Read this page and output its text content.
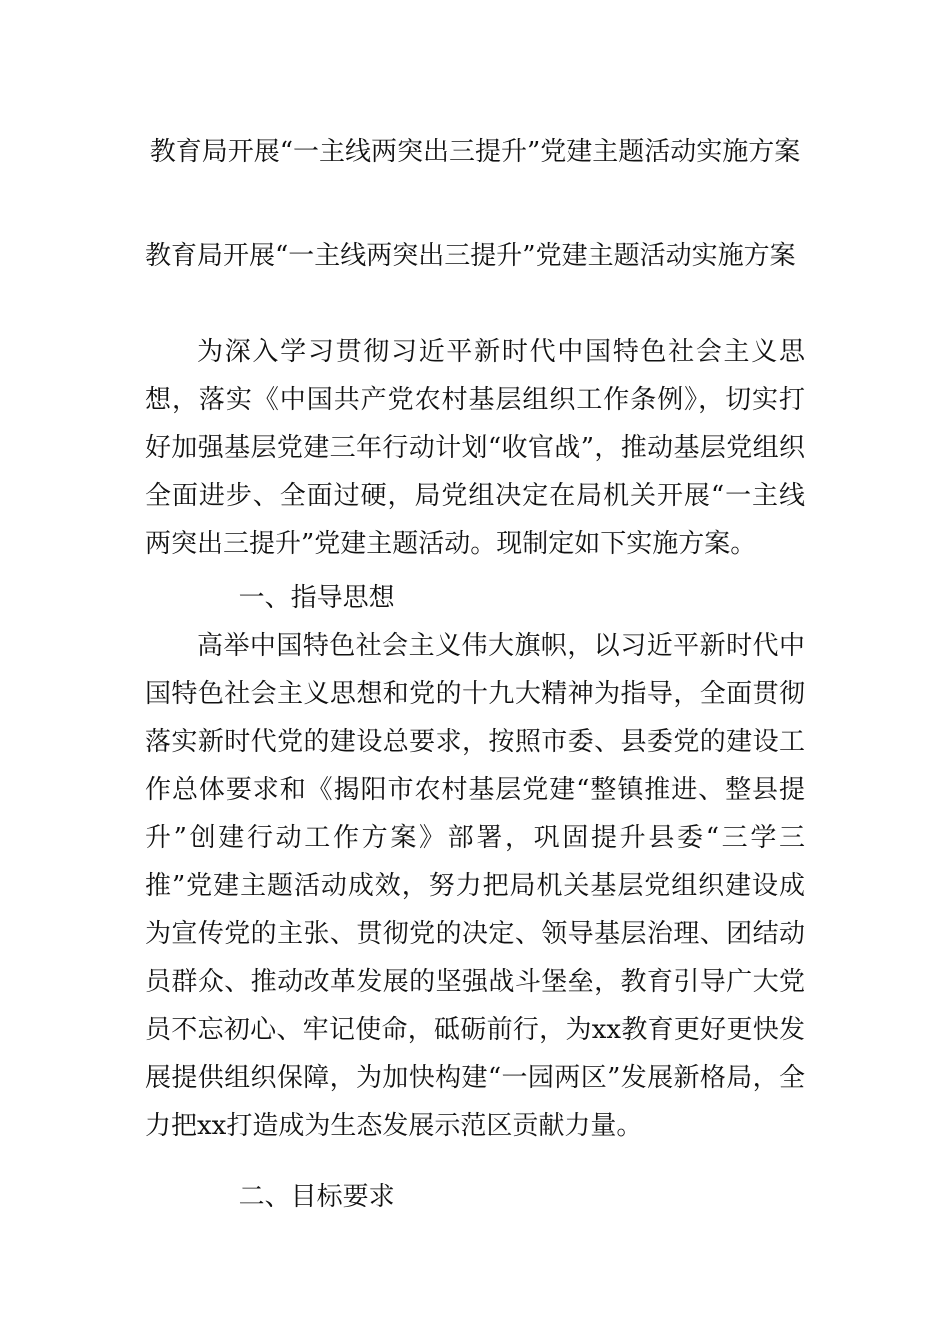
教育局开展“一主线两突出三提升”党建主题活动实施方案
教育局开展“一主线两突出三提升”党建主题活动实施方案

为深入学习贯彻习近平新时代中国特色社会主义思想，落实《中国共产党农村基层组织工作条例》，切实打好加强基层党建三年行动计划“收官战”，推动基层党组织全面进步、全面过硬，局党组决定在局机关开展“一主线两突出三提升”党建主题活动。现制定如下实施方案。

一、指导思想

高举中国特色社会主义伟大旗帜，以习近平新时代中国特色社会主义思想和党的十九大精神为指导，全面贯彻落实新时代党的建设总要求，按照市委、县委党的建设工作总体要求和《揭阳市农村基层党建“整镇推进、整县提升”创建行动工作方案》部署，巩固提升县委“三学三推”党建主题活动成效，努力把局机关基层党组织建设成为宣传党的主张、贯彻党的决定、领导基层治理、团结动员群众、推动改革发展的坚强战斗堡垒，教育引导广大党员不忘初心、牢记使命，砥砺前行，为xx教育更好更快发展提供组织保障，为加快构建“一园两区”发展新格局，全力把xx打造成为生态发展示范区贡献力量。

二、目标要求
